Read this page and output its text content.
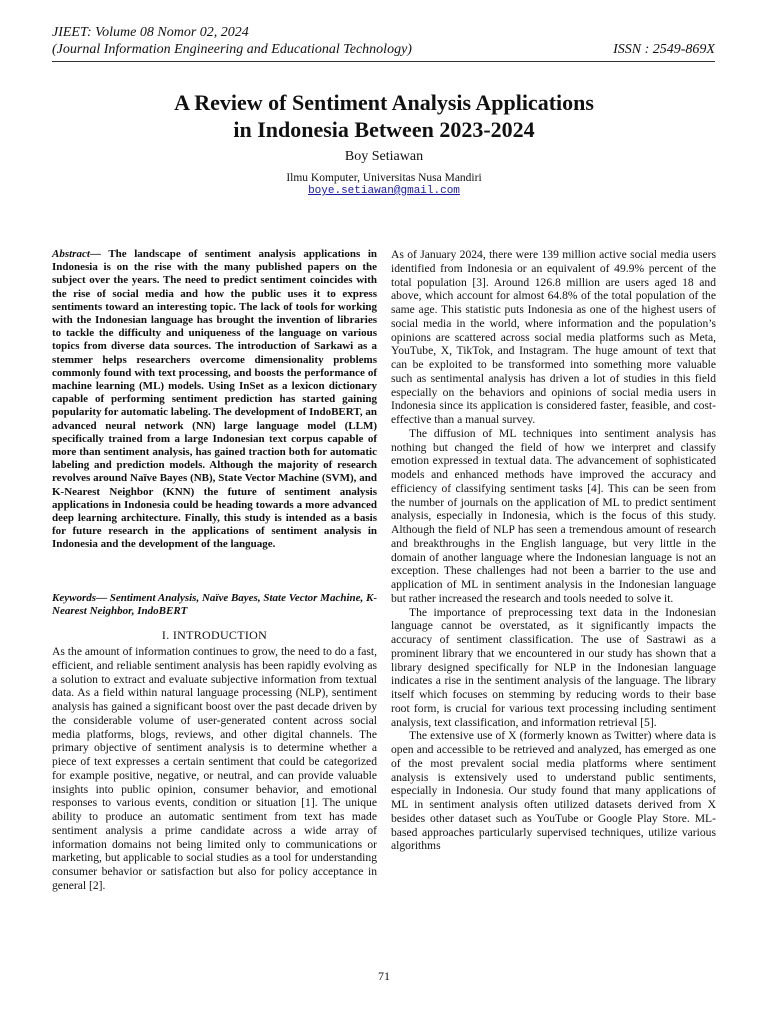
JIEET: Volume 08 Nomor 02, 2024
(Journal Information Engineering and Educational Technology)	ISSN : 2549-869X
A Review of Sentiment Analysis Applications
in Indonesia Between 2023-2024
Boy Setiawan
Ilmu Komputer, Universitas Nusa Mandiri
boye.setiawan@gmail.com

Abstract— The landscape of sentiment analysis applications in Indonesia is on the rise with the many published papers on the subject over the years. The need to predict sentiment coincides with the rise of social media and how the public uses it to express sentiments toward an interesting topic. The lack of tools for working with the Indonesian language has brought the invention of libraries to tackle the difficulty and uniqueness of the language on various topics from diverse data sources. The introduction of Sarkawi as a stemmer helps researchers overcome dimensionality problems commonly found with text processing, and boosts the performance of machine learning (ML) models. Using InSet as a lexicon dictionary capable of performing sentiment prediction has started gaining popularity for automatic labeling. The development of IndoBERT, an advanced neural network (NN) large language model (LLM) specifically trained from a large Indonesian text corpus capable of more than sentiment analysis, has gained traction both for automatic labeling and prediction models. Although the majority of research revolves around Naïve Bayes (NB), State Vector Machine (SVM), and K-Nearest Neighbor (KNN) the future of sentiment analysis applications in Indonesia could be heading towards a more advanced deep learning architecture. Finally, this study is intended as a basis for future research in the applications of sentiment analysis in Indonesia and the development of the language.

Keywords— Sentiment Analysis, Naïve Bayes, State Vector Machine, K-Nearest Neighbor, IndoBERT

I. INTRODUCTION

As the amount of information continues to grow, the need to do a fast, efficient, and reliable sentiment analysis has been rapidly evolving as a solution to extract and evaluate subjective information from textual data. As a field within natural language processing (NLP), sentiment analysis has gained a significant boost over the past decade driven by the considerable volume of user-generated content across social media platforms, blogs, reviews, and other digital channels. The primary objective of sentiment analysis is to determine whether a piece of text expresses a certain sentiment that could be categorized for example positive, negative, or neutral, and can provide valuable insights into public opinion, consumer behavior, and emotional responses to various events, condition or situation [1]. The unique ability to produce an automatic sentiment from text has made sentiment analysis a prime candidate across a wide array of information domains not being limited only to communications or marketing, but applicable to social studies as a tool for understanding consumer behavior or satisfaction but also for policy acceptance in general [2].

As of January 2024, there were 139 million active social media users identified from Indonesia or an equivalent of 49.9% percent of the total population [3]. Around 126.8 million are users aged 18 and above, which account for almost 64.8% of the total population of the same age. This statistic puts Indonesia as one of the highest users of social media in the world, where information and the population’s opinions are scattered across social media platforms such as Meta, YouTube, X, TikTok, and Instagram. The huge amount of text that can be exploited to be transformed into something more valuable such as sentimental analysis has driven a lot of studies in this field especially on the behaviors and opinions of social media users in Indonesia since its application is considered faster, feasible, and cost-effective than a manual survey.

The diffusion of ML techniques into sentiment analysis has nothing but changed the field of how we interpret and classify emotion expressed in textual data. The advancement of sophisticated models and enhanced methods have improved the accuracy and efficiency of classifying sentiment tasks [4]. This can be seen from the number of journals on the application of ML to predict sentiment analysis, especially in Indonesia, which is the focus of this study. Although the field of NLP has seen a tremendous amount of research and breakthroughs in the English language, but very little in the domain of another language where the Indonesian language is not an exception. These challenges had not been a barrier to the use and application of ML in sentiment analysis in the Indonesian language but rather increased the research and tools needed to solve it.

The importance of preprocessing text data in the Indonesian language cannot be overstated, as it significantly impacts the accuracy of sentiment classification. The use of Sastrawi as a prominent library that we encountered in our study has shown that a library designed specifically for NLP in the Indonesian language indicates a rise in the sentiment analysis of the language. The library itself which focuses on stemming by reducing words to their base root form, is crucial for various text processing including sentiment analysis, text classification, and information retrieval [5].

The extensive use of X (formerly known as Twitter) where data is open and accessible to be retrieved and analyzed, has emerged as one of the most prevalent social media platforms where sentiment analysis is extensively used to understand public sentiments, especially in Indonesia. Our study found that many applications of ML in sentiment analysis often utilized datasets derived from X besides other dataset such as YouTube or Google Play Store. ML-based approaches particularly supervised techniques, utilize various algorithms

71
